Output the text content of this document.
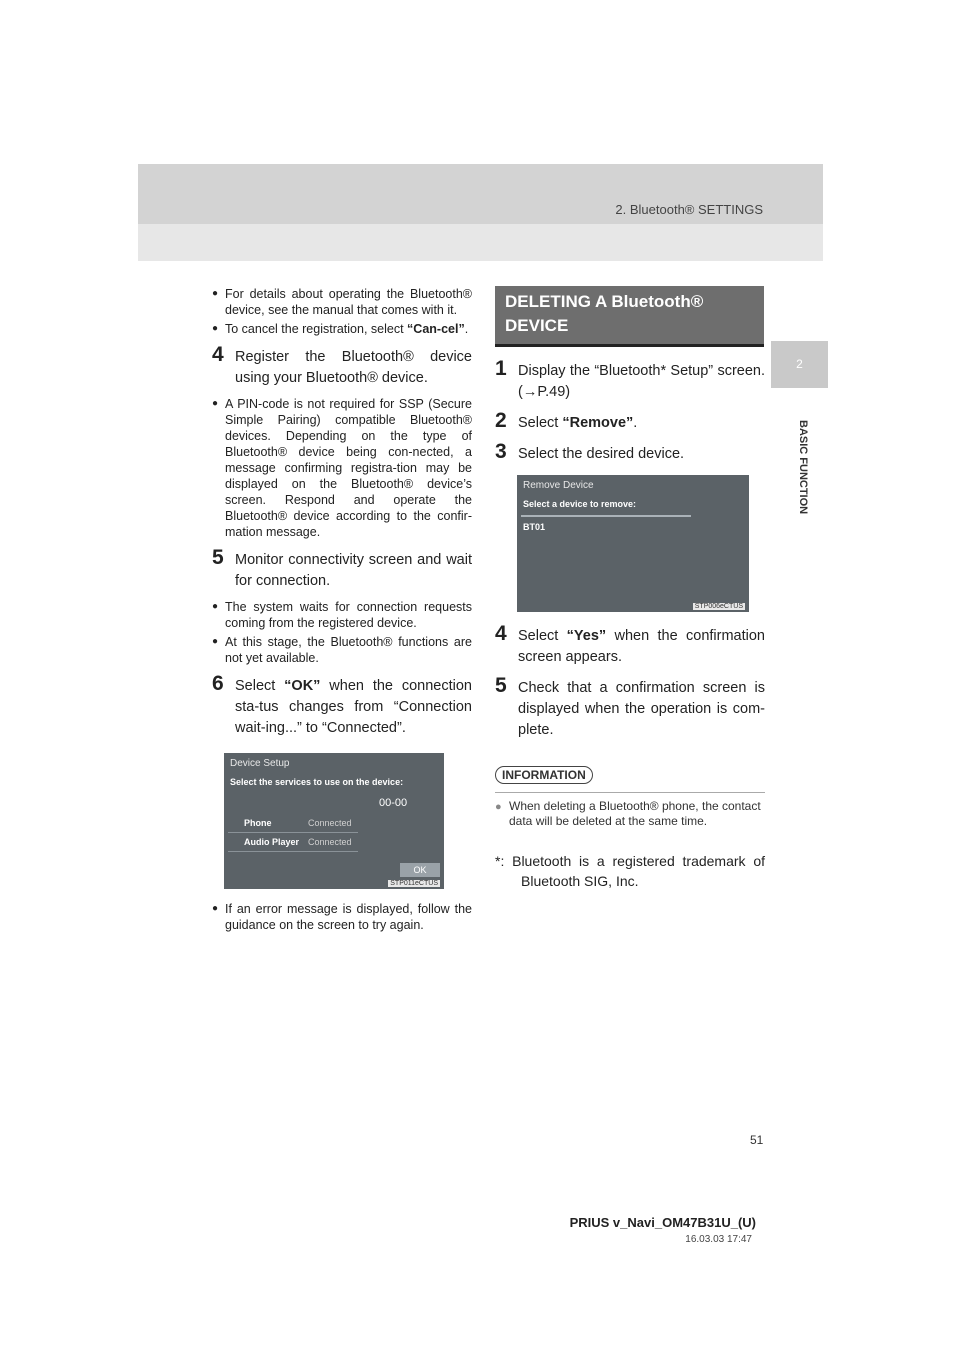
2. Bluetooth® SETTINGS
2
BASIC FUNCTION

● For details about operating the Bluetooth® device, see the manual that comes with it.

● To cancel the registration, select “Can-cel”.

4 Register the Bluetooth® device using your Bluetooth® device.

● A PIN-code is not required for SSP (Secure Simple Pairing) compatible Bluetooth® devices. Depending on the type of Bluetooth® device being con-nected, a message confirming registra-tion may be displayed on the Bluetooth® device’s screen. Respond and operate the Bluetooth® device according to the confir-mation message.

5 Monitor connectivity screen and wait for connection.

● The system waits for connection requests coming from the registered device.

● At this stage, the Bluetooth® functions are not yet available.

6 Select “OK” when the connection sta-tus changes from “Connection wait-ing...” to “Connected”.
Device Setup
Select the services to use on the device:
00-00
Phone	Connected
Audio Player Connected
OK
STP011eCTUS

● If an error message is displayed, follow the guidance on the screen to try again.

DELETING A Bluetooth® DEVICE
1 Display the “Bluetooth* Setup” screen. (→P.49)
2 Select “Remove”.
3 Select the desired device.
Remove Device
Select a device to remove:
BT01
STP006eCTUS
4 Select “Yes” when the confirmation screen appears.
5 Check that a confirmation screen is displayed when the operation is com-plete.
INFORMATION
● When deleting a Bluetooth® phone, the contact data will be deleted at the same time.
*: Bluetooth is a registered trademark of Bluetooth SIG, Inc.
51
PRIUS v_Navi_OM47B31U_(U)
16.03.03 17:47
